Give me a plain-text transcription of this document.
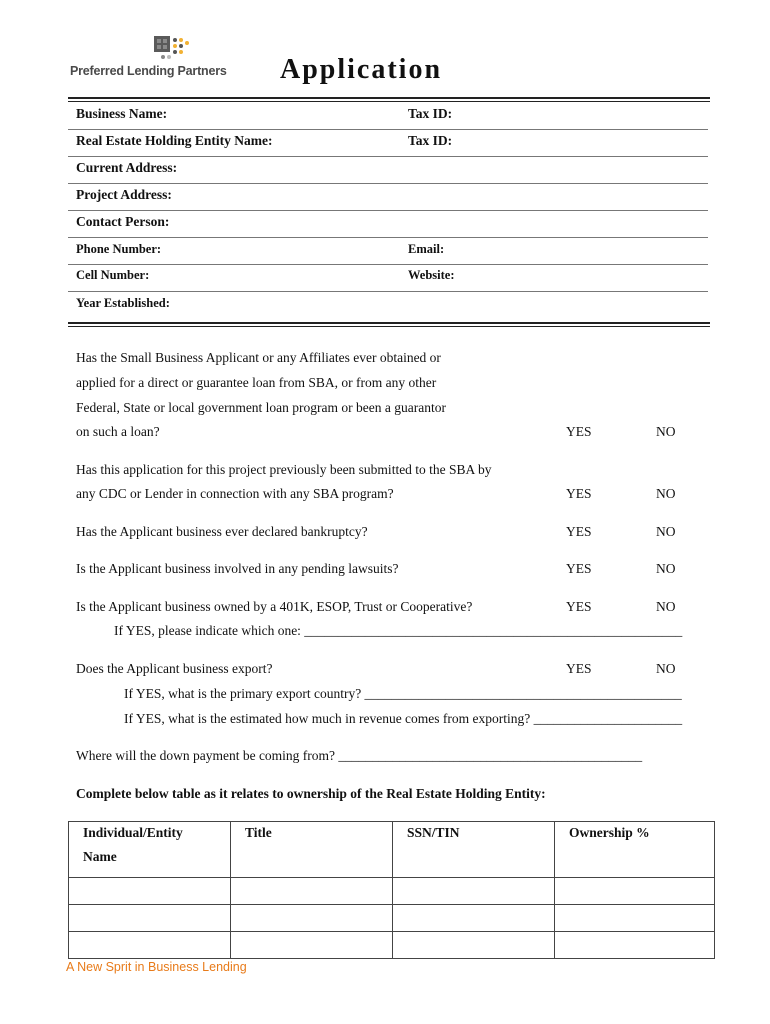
Preferred Lending Partners Application
Business Name:	Tax ID:
Real Estate Holding Entity Name:	Tax ID:
Current Address:
Project Address:
Contact Person:
Phone Number:	Email:
Cell Number:	Website:
Year Established:
Has the Small Business Applicant or any Affiliates ever obtained or
applied for a direct or guarantee loan from SBA, or from any other
Federal, State or local government loan program or been a guarantor
on such a loan?	YES	NO
Has this application for this project previously been submitted to the SBA by
any CDC or Lender in connection with any SBA program?	YES	NO
Has the Applicant business ever declared bankruptcy?	YES	NO
Is the Applicant business involved in any pending lawsuits?	YES	NO
Is the Applicant business owned by a 401K, ESOP, Trust or Cooperative?	YES	NO
If YES, please indicate which one: ________________________________________________________
Does the Applicant business export?	YES	NO
If YES, what is the primary export country? _______________________________________________
If YES, what is the estimated how much in revenue comes from exporting? ______________________
Where will the down payment be coming from? _____________________________________________
Complete below table as it relates to ownership of the Real Estate Holding Entity:
Individual/Entity
Name	Title	SSN/TIN	Ownership %

A New Sprit in Business Lending
